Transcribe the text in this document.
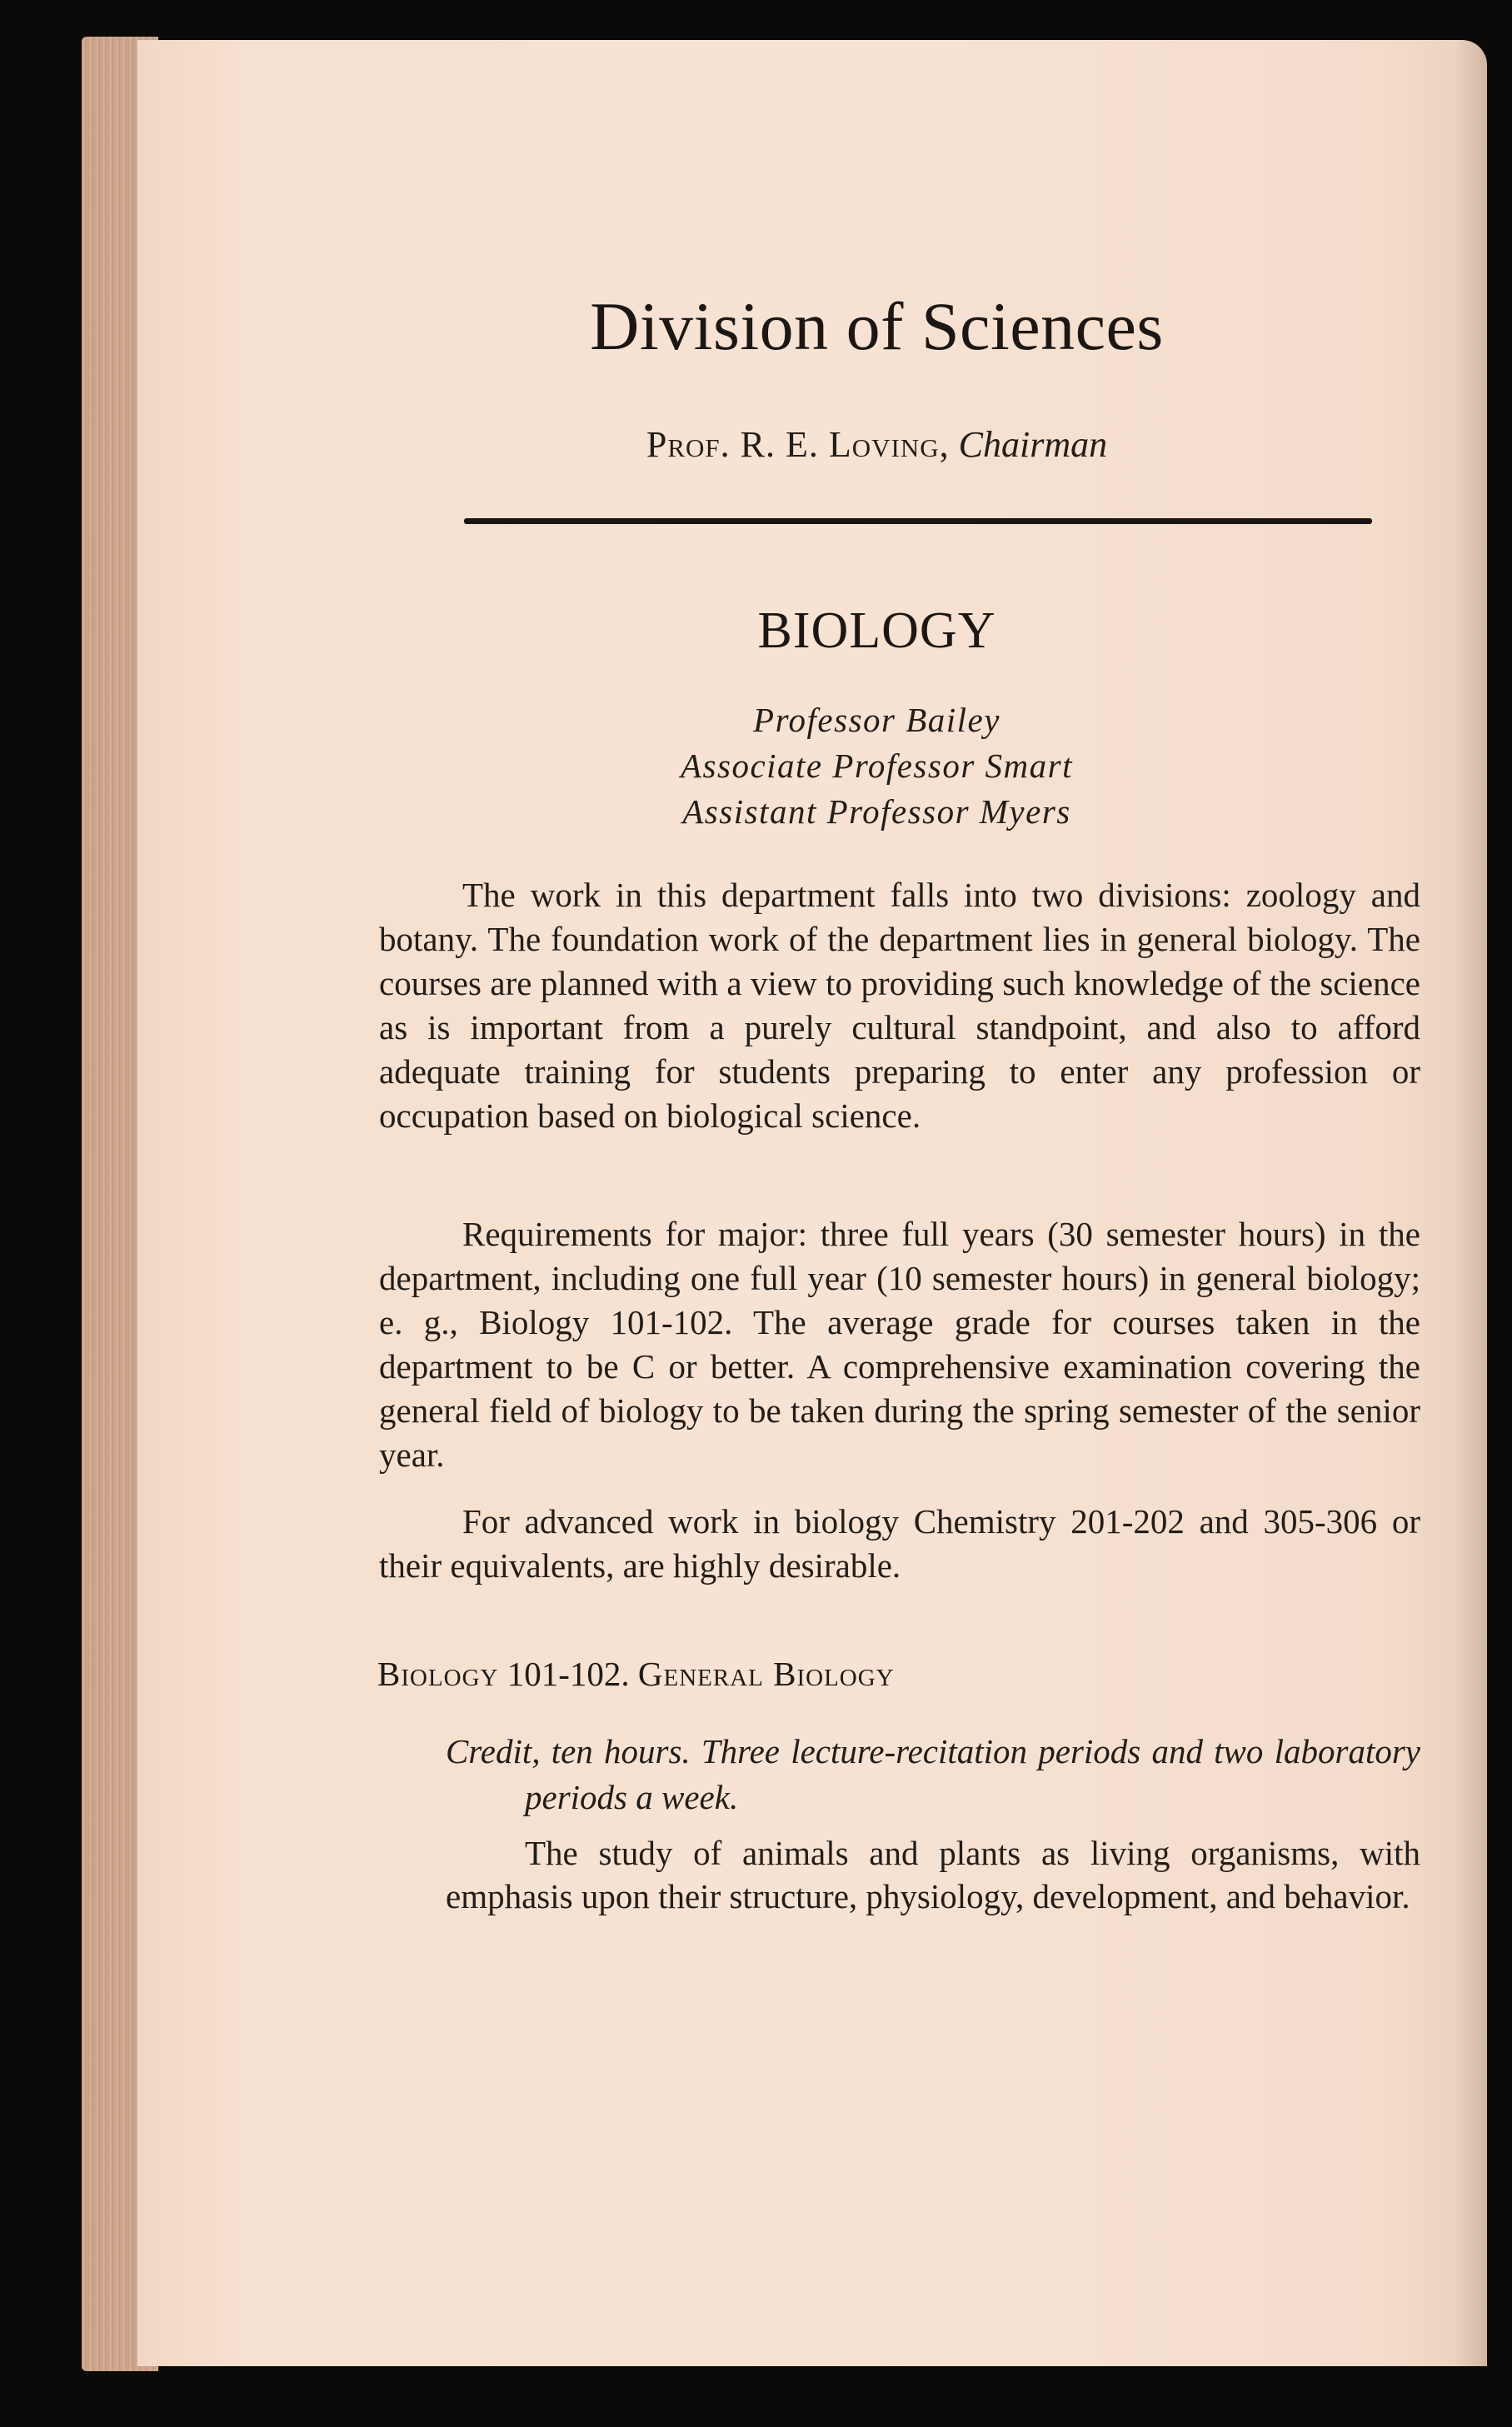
Division of Sciences
Prof. R. E. Loving, Chairman
BIOLOGY
Professor Bailey
Associate Professor Smart
Assistant Professor Myers

The work in this department falls into two divisions: zoology and botany. The foundation work of the department lies in general biology. The courses are planned with a view to providing such knowledge of the science as is important from a purely cultural standpoint, and also to afford adequate training for students preparing to enter any profession or occupation based on biological science.

Requirements for major: three full years (30 semester hours) in the department, including one full year (10 semester hours) in general biology; e. g., Biology 101-102. The average grade for courses taken in the department to be C or better. A comprehensive examination covering the general field of biology to be taken during the spring semester of the senior year.

For advanced work in biology Chemistry 201-202 and 305-306 or their equivalents, are highly desirable.

Biology 101-102. General Biology
Credit, ten hours. Three lecture-recitation periods and two laboratory periods a week.

The study of animals and plants as living organisms, with emphasis upon their structure, physiology, development, and behavior.
